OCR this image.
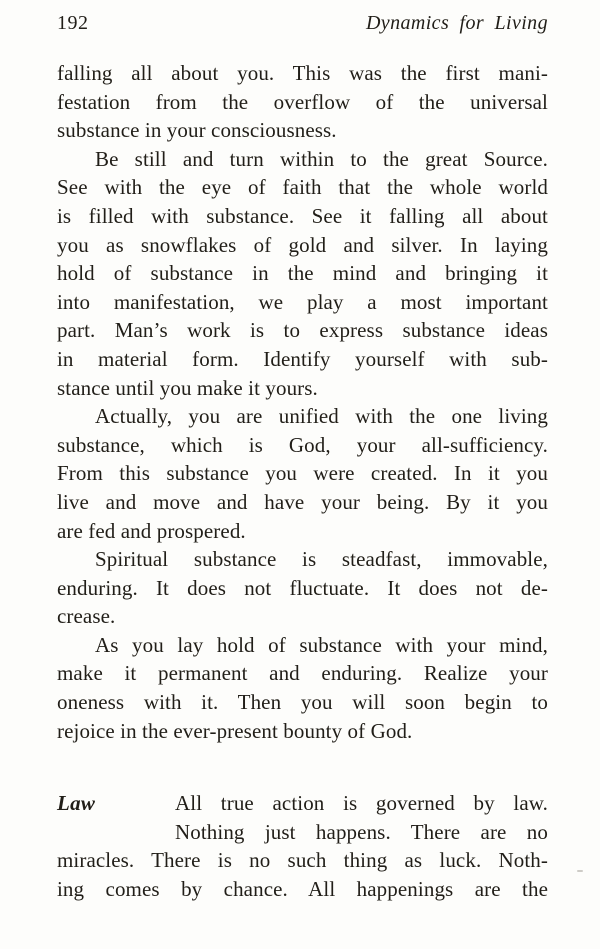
192	Dynamics for Living
falling all about you. This was the first mani-
festation from the overflow of the universal
substance in your consciousness.
Be still and turn within to the great Source.
See with the eye of faith that the whole world
is filled with substance. See it falling all about
you as snowflakes of gold and silver. In laying
hold of substance in the mind and bringing it
into manifestation, we play a most important
part. Man’s work is to express substance ideas
in material form. Identify yourself with sub-
stance until you make it yours.
Actually, you are unified with the one living
substance, which is God, your all-sufficiency.
From this substance you were created. In it you
live and move and have your being. By it you
are fed and prospered.
Spiritual substance is steadfast, immovable,
enduring. It does not fluctuate. It does not de-
crease.
As you lay hold of substance with your mind,
make it permanent and enduring. Realize your
oneness with it. Then you will soon begin to
rejoice in the ever-present bounty of God.
Law	All true action is governed by law.
Nothing just happens. There are no
miracles. There is no such thing as luck. Noth-
ing comes by chance. All happenings are the
